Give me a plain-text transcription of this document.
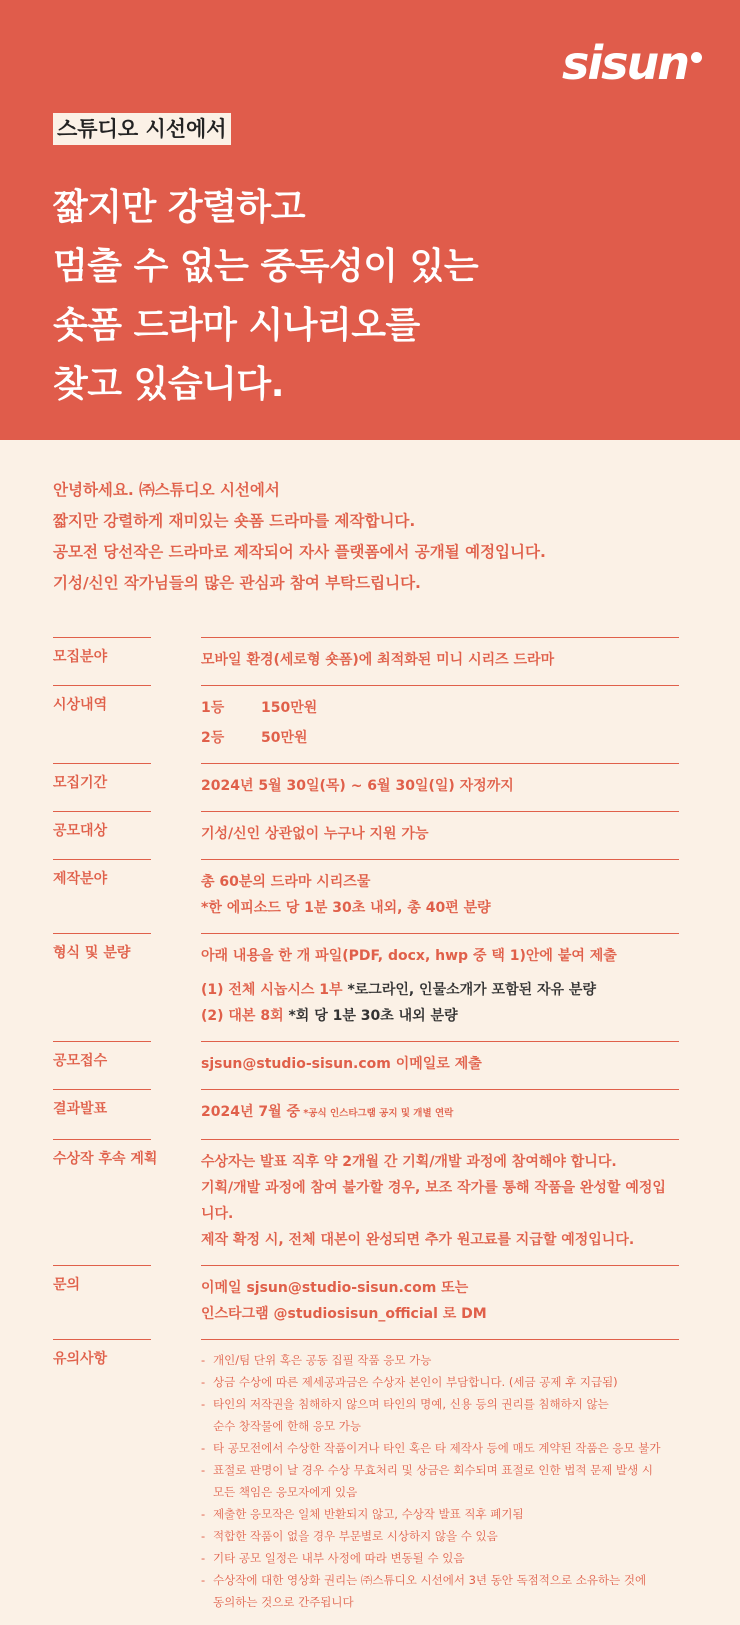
sisun
스튜디오 시선에서
짧지만 강렬하고
멈출 수 없는 중독성이 있는
숏폼 드라마 시나리오를
찾고 있습니다.
안녕하세요. ㈜스튜디오 시선에서
짧지만 강렬하게 재미있는 숏폼 드라마를 제작합니다.
공모전 당선작은 드라마로 제작되어 자사 플랫폼에서 공개될 예정입니다.
기성/신인 작가님들의 많은 관심과 참여 부탁드립니다.
모집분야	모바일 환경(세로형 숏폼)에 최적화된 미니 시리즈 드라마
시상내역	1등	150만원
2등	50만원
모집기간	2024년 5월 30일(목) ~ 6월 30일(일) 자정까지
공모대상	기성/신인 상관없이 누구나 지원 가능
제작분야	총 60분의 드라마 시리즈물
*한 에피소드 당 1분 30초 내외, 총 40편 분량
형식 및 분량	아래 내용을 한 개 파일(PDF, docx, hwp 중 택 1)안에 붙여 제출
(1) 전체 시놉시스 1부 *로그라인, 인물소개가 포함된 자유 분량
(2) 대본 8회 *회 당 1분 30초 내외 분량
공모접수	sjsun@studio-sisun.com 이메일로 제출
결과발표	2024년 7월 중 *공식 인스타그램 공지 및 개별 연락
수상작 후속 계획	수상자는 발표 직후 약 2개월 간 기획/개발 과정에 참여해야 합니다.
기획/개발 과정에 참여 불가할 경우, 보조 작가를 통해 작품을 완성할 예정입니다.
제작 확정 시, 전체 대본이 완성되면 추가 원고료를 지급할 예정입니다.
문의	이메일 sjsun@studio-sisun.com 또는
인스타그램 @studiosisun_official 로 DM
유의사항	- 개인/팀 단위 혹은 공동 집필 작품 응모 가능
- 상금 수상에 따른 제세공과금은 수상자 본인이 부담합니다. (세금 공제 후 지급됨)
- 타인의 저작권을 침해하지 않으며 타인의 명예, 신용 등의 권리를 침해하지 않는
순수 창작물에 한해 응모 가능
- 타 공모전에서 수상한 작품이거나 타인 혹은 타 제작사 등에 매도 계약된 작품은 응모 불가
- 표절로 판명이 날 경우 수상 무효처리 및 상금은 회수되며 표절로 인한 법적 문제 발생 시
모든 책임은 응모자에게 있음
- 제출한 응모작은 일체 반환되지 않고, 수상작 발표 직후 폐기됨
- 적합한 작품이 없을 경우 부문별로 시상하지 않을 수 있음
- 기타 공모 일정은 내부 사정에 따라 변동될 수 있음
- 수상작에 대한 영상화 권리는 ㈜스튜디오 시선에서 3년 동안 독점적으로 소유하는 것에
동의하는 것으로 간주됩니다
